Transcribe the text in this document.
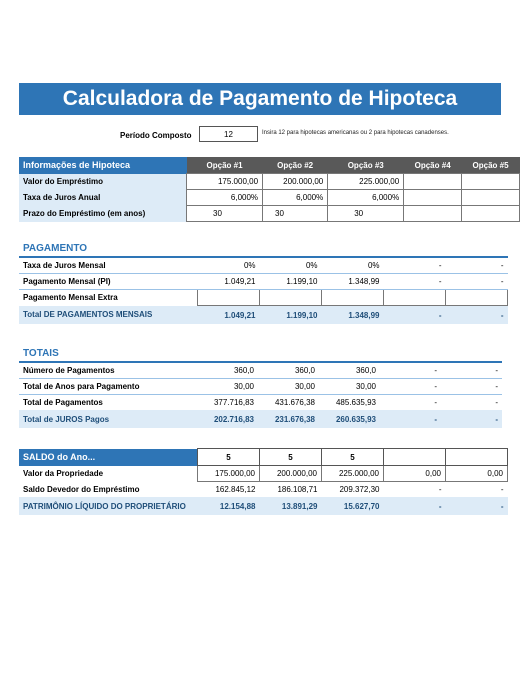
Calculadora de Pagamento de Hipoteca
Período Composto	12	Insira 12 para hipotecas americanas ou 2 para hipotecas canadenses.
Informações de Hipoteca	Opção #1	Opção #2	Opção #3	Opção #4	Opção #5
Valor do Empréstimo	175.000,00	200.000,00	225.000,00		
Taxa de Juros Anual	6,000%	6,000%	6,000%		
Prazo do Empréstimo (em anos)	30	30	30		
PAGAMENTO					
Taxa de Juros Mensal	0%	0%	0%	-	-
Pagamento Mensal (PI)	1.049,21	1.199,10	1.348,99	-	-
Pagamento Mensal Extra					
Total DE PAGAMENTOS MENSAIS	1.049,21	1.199,10	1.348,99	-	-
TOTAIS					
Número de Pagamentos	360,0	360,0	360,0	-	-
Total de Anos para Pagamento	30,00	30,00	30,00	-	-
Total de Pagamentos	377.716,83	431.676,38	485.635,93	-	-
Total de JUROS Pagos	202.716,83	231.676,38	260.635,93	-	-
SALDO do Ano...	5	5	5		
Valor da Propriedade	175.000,00	200.000,00	225.000,00	0,00	0,00
Saldo Devedor do Empréstimo	162.845,12	186.108,71	209.372,30	-	-
PATRIMÔNIO LÍQUIDO DO PROPRIETÁRIO	12.154,88	13.891,29	15.627,70	-	-
